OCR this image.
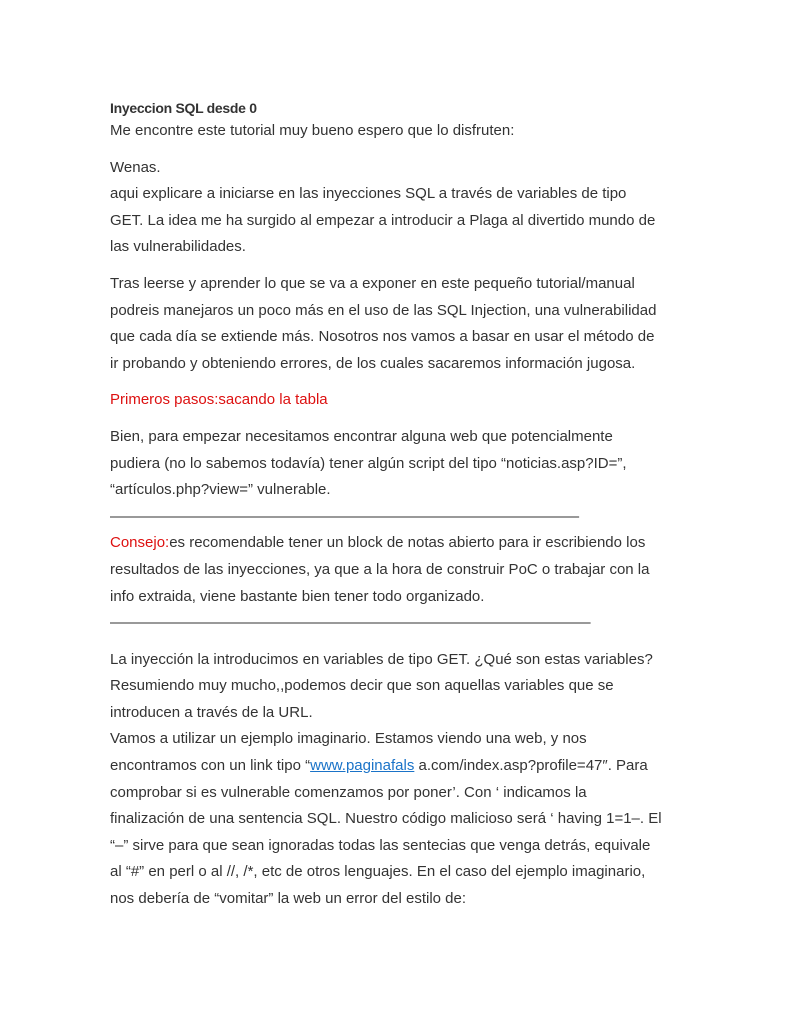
Inyeccion SQL desde 0

Me encontre este tutorial muy bueno espero que lo disfruten:

Wenas.

aqui explicare a iniciarse en las inyecciones SQL a través de variables de tipo

GET. La idea me ha surgido al empezar a introducir a Plaga al divertido mundo de

las vulnerabilidades.

Tras leerse y aprender lo que se va a exponer en este pequeño tutorial/manual

podreis manejaros un poco más en el uso de las SQL Injection, una vulnerabilidad

que cada día se extiende más. Nosotros nos vamos a basar en usar el método de

ir probando y obteniendo errores, de los cuales sacaremos información jugosa.

Primeros pasos:sacando la tabla

Bien, para empezar necesitamos encontrar alguna web que potencialmente

pudiera (no lo sabemos todavía) tener algún script del tipo “noticias.asp?ID=”,

“artículos.php?view=” vulnerable.

————————————————————————————————

Consejo:es recomendable tener un block de notas abierto para ir escribiendo los

resultados de las inyecciones, ya que a la hora de construir PoC o trabajar con la

info extraida, viene bastante bien tener todo organizado.

—————————————————————————————————

La inyección la introducimos en variables de tipo GET. ¿Qué son estas variables?

Resumiendo muy mucho,,podemos decir que son aquellas variables que se

introducen a través de la URL.

Vamos a utilizar un ejemplo imaginario. Estamos viendo una web, y nos

encontramos con un link tipo “www.paginafals a.com/index.asp?profile=47″. Para

comprobar si es vulnerable comenzamos por poner’. Con ‘ indicamos la

finalización de una sentencia SQL. Nuestro código malicioso será ‘ having 1=1–. El

“–” sirve para que sean ignoradas todas las sentecias que venga detrás, equivale

al “#” en perl o al //, /*, etc de otros lenguajes. En el caso del ejemplo imaginario,

nos debería de “vomitar” la web un error del estilo de:
